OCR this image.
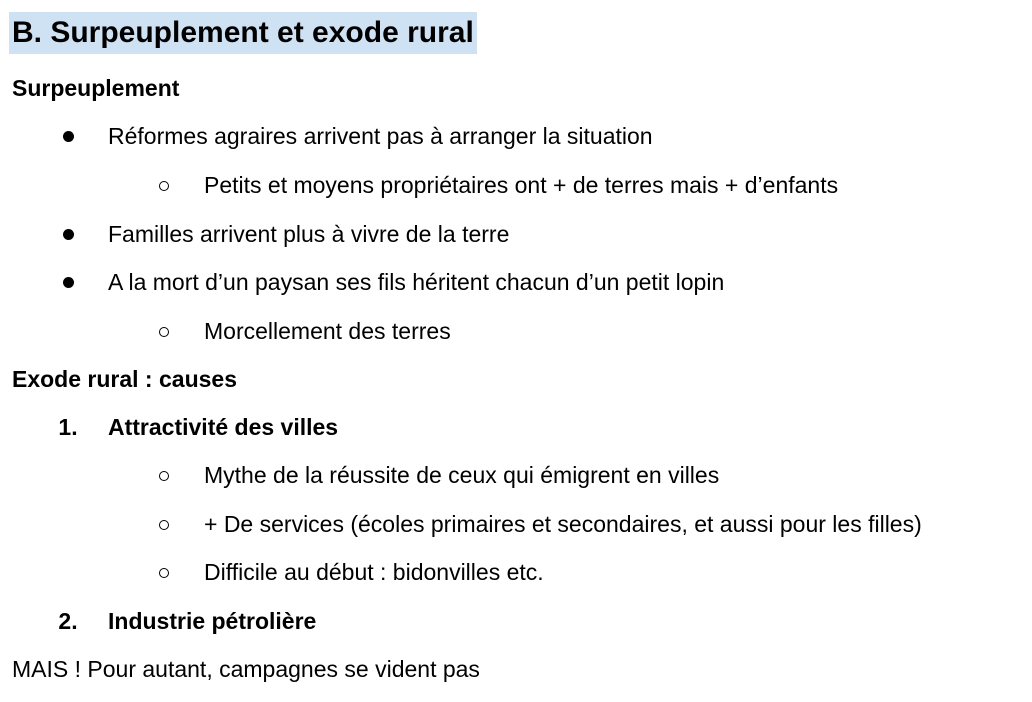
B. Surpeuplement et exode rural
Surpeuplement
Réformes agraires arrivent pas à arranger la situation
Petits et moyens propriétaires ont + de terres mais + d’enfants
Familles arrivent plus à vivre de la terre
A la mort d’un paysan ses fils héritent chacun d’un petit lopin
Morcellement des terres
Exode rural : causes
1. Attractivité des villes
Mythe de la réussite de ceux qui émigrent en villes
+ De services (écoles primaires et secondaires, et aussi pour les filles)
Difficile au début : bidonvilles etc.
2. Industrie pétrolière
MAIS ! Pour autant, campagnes se vident pas
